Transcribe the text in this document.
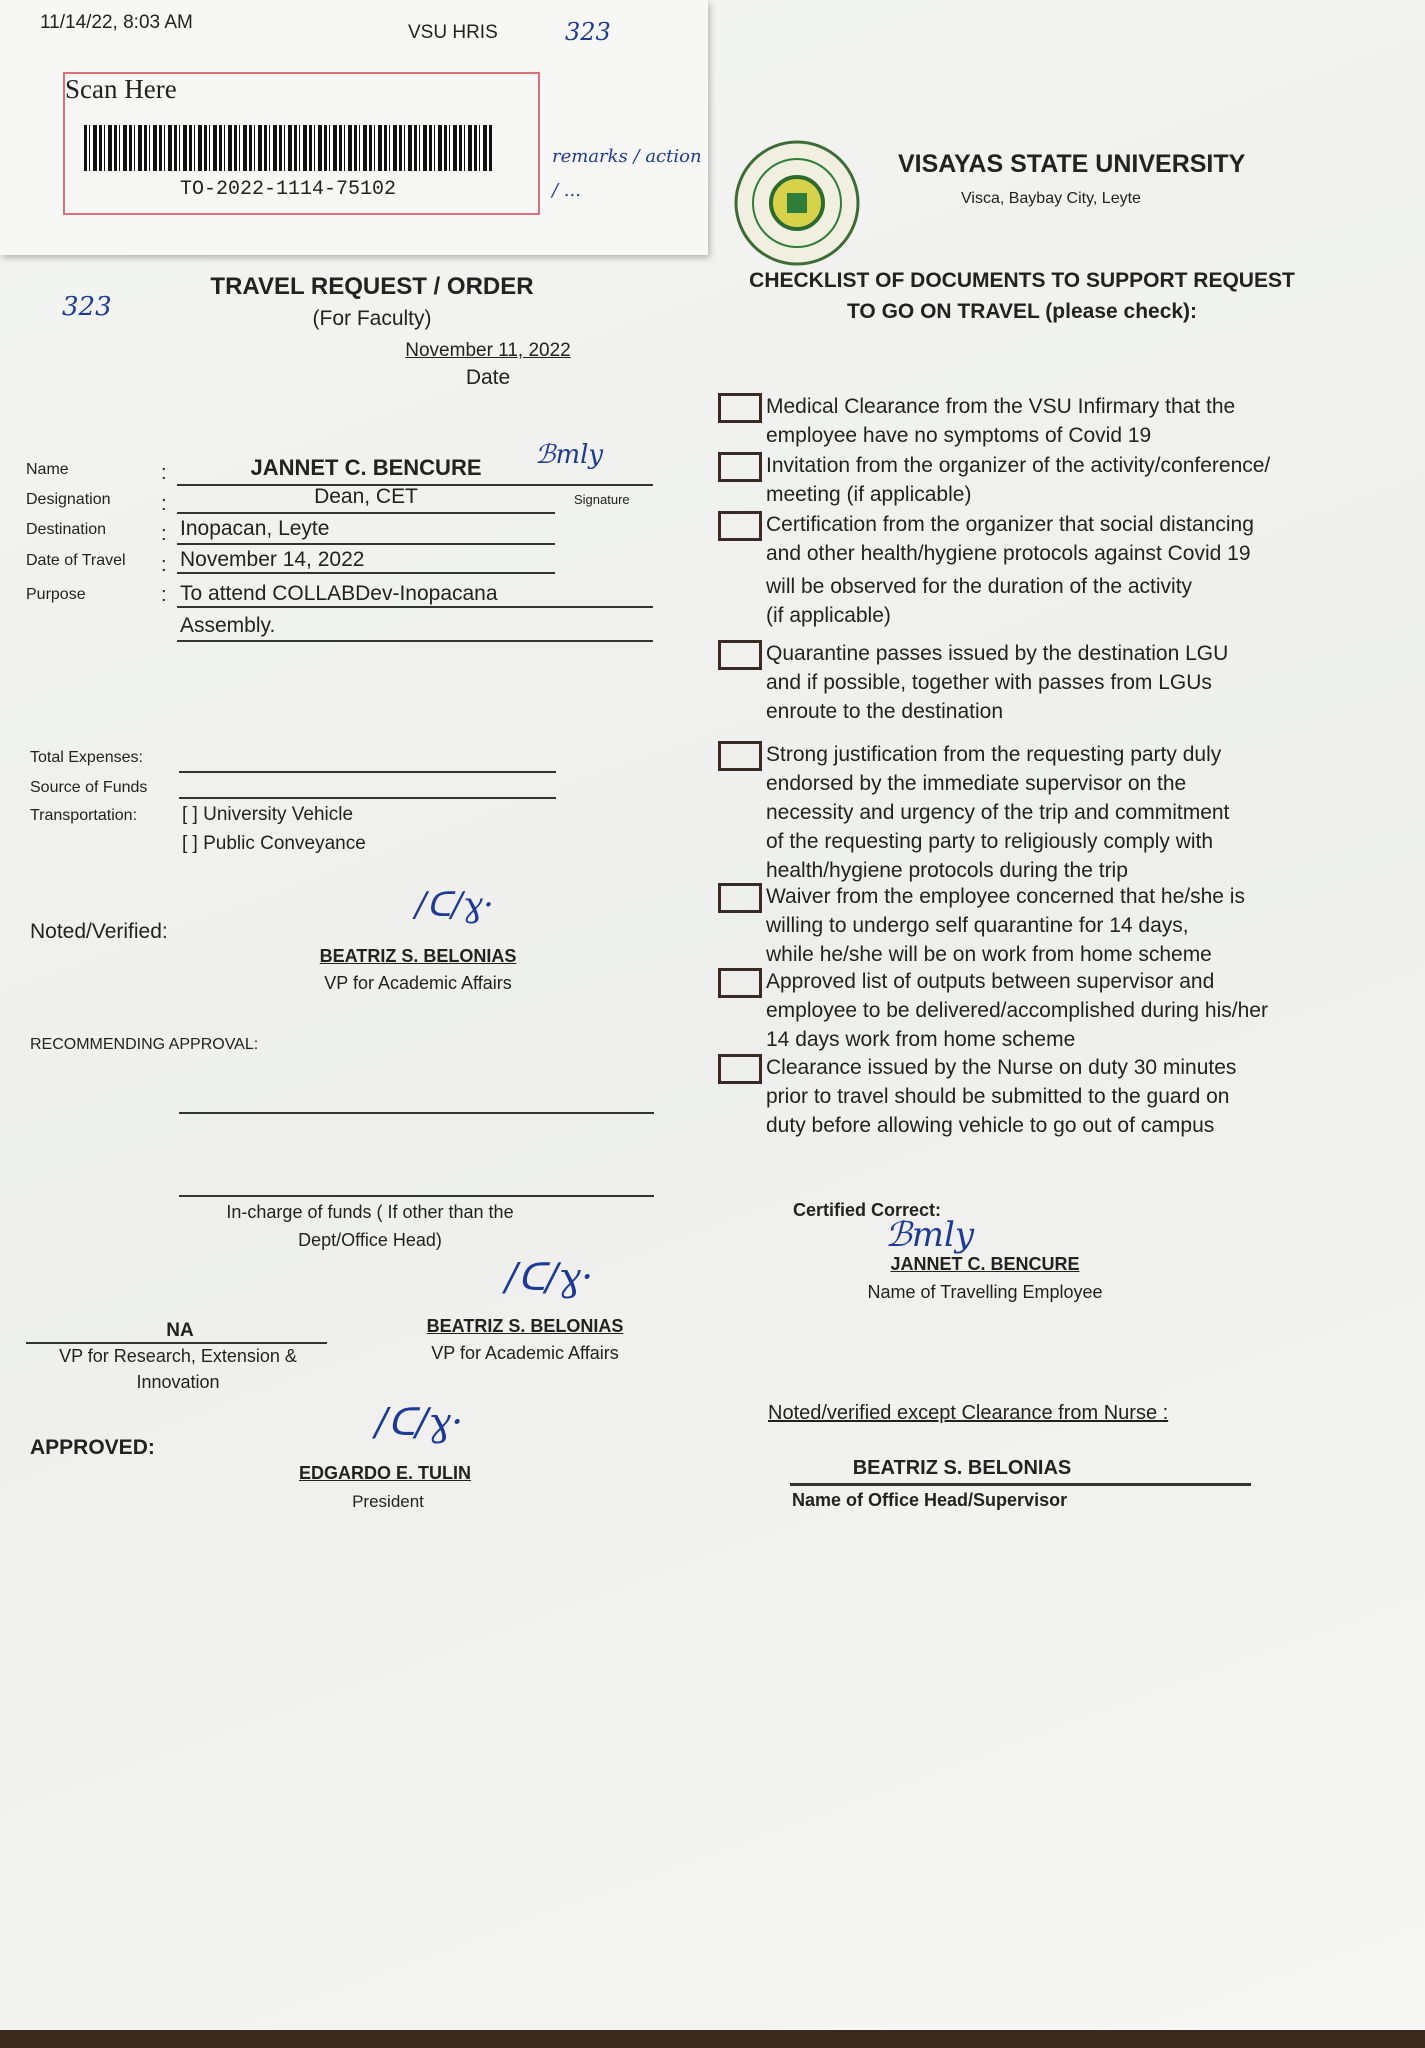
11/14/22, 8:03 AM	VSU HRIS	323
Scan Here
TO-2022-1114-75102
remarks / action / ...
VISAYAS STATE UNIVERSITY
Visca, Baybay City, Leyte
323
TRAVEL REQUEST / ORDER
(For Faculty)
November 11, 2022
Date
Name
Designation
Destination
Date of Travel
Purpose
:
:
:
:
:
JANNET C. BENCURE ℬmly
Signature
Dean, CET
Inopacan, Leyte
November 14, 2022
To attend COLLABDev-Inopacana
Assembly.
Total Expenses:
Source of Funds
Transportation: [ ] University Vehicle
[ ] Public Conveyance
Noted/Verified:
BEATRIZ S. BELONIAS
VP for Academic Affairs
/ᑕ∕ɣ·
RECOMMENDING APPROVAL:
In-charge of funds ( If other than the
Dept/Office Head)
NA
VP for Research, Extension &
Innovation
BEATRIZ S. BELONIAS
VP for Academic Affairs
/ᑕ∕ɣ·
APPROVED:
EDGARDO E. TULIN
President
/ᑕ∕ɣ·
CHECKLIST OF DOCUMENTS TO SUPPORT REQUEST
TO GO ON TRAVEL (please check):
Medical Clearance from the VSU Infirmary that the
employee have no symptoms of Covid 19
Invitation from the organizer of the activity/conference/
meeting (if applicable)
Certification from the organizer that social distancing
and other health/hygiene protocols against Covid 19
will be observed for the duration of the activity
(if applicable)
Quarantine passes issued by the destination LGU
and if possible, together with passes from LGUs
enroute to the destination
Strong justification from the requesting party duly
endorsed by the immediate supervisor on the
necessity and urgency of the trip and commitment
of the requesting party to religiously comply with
health/hygiene protocols during the trip
Waiver from the employee concerned that he/she is
willing to undergo self quarantine for 14 days,
while he/she will be on work from home scheme
Approved list of outputs between supervisor and
employee to be delivered/accomplished during his/her
14 days work from home scheme
Clearance issued by the Nurse on duty 30 minutes
prior to travel should be submitted to the guard on
duty before allowing vehicle to go out of campus
Certified Correct:
JANNET C. BENCURE
Name of Travelling Employee
ℬmly
Noted/verified except Clearance from Nurse :
BEATRIZ S. BELONIAS
Name of Office Head/Supervisor
